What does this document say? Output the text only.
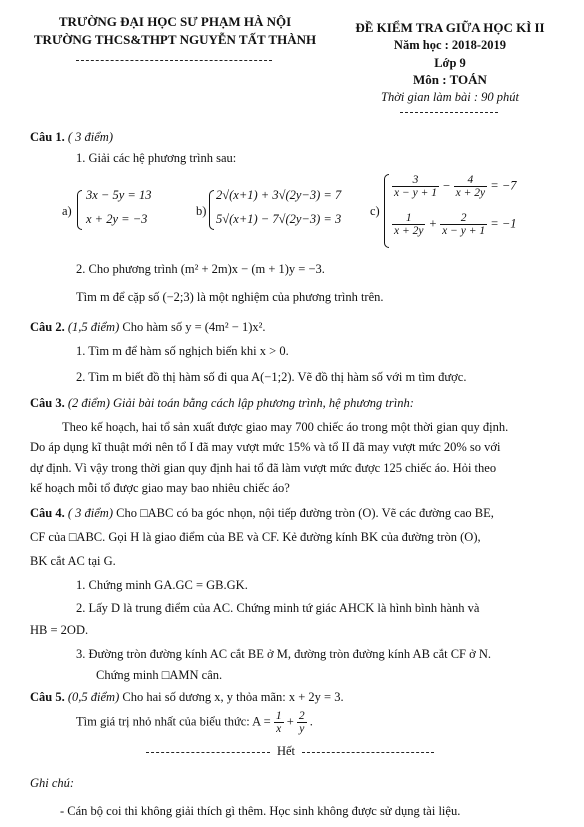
TRƯỜNG ĐẠI HỌC SƯ PHẠM HÀ NỘI
TRƯỜNG THCS&THPT NGUYỄN TẤT THÀNH
ĐỀ KIỂM TRA GIỮA HỌC KÌ II
Năm học : 2018-2019
Lớp 9
Môn : TOÁN
Thời gian làm bài : 90 phút
Câu 1. ( 3 điểm)
1. Giải các hệ phương trình sau:
a)
3x − 5y = 13
x + 2y = −3
b)
2√(x+1) + 3√(2y−3) = 7
5√(x+1) − 7√(2y−3) = 3
c)
$\frac{3}{x - y + 1} - \frac{4}{x + 2y} = -7$
$\frac{1}{x + 2y} + \frac{2}{x - y + 1} = -1$
2. Cho phương trình (m² + 2m)x − (m + 1)y = −3.
Tìm m để cặp số (−2;3) là một nghiệm của phương trình trên.
Câu 2. (1,5 điểm) Cho hàm số y = (4m² − 1)x².
1. Tìm m để hàm số nghịch biến khi x > 0.
2. Tìm m biết đồ thị hàm số đi qua A(−1;2). Vẽ đồ thị hàm số với m tìm được.
Câu 3. (2 điểm) Giải bài toán bằng cách lập phương trình, hệ phương trình:
Theo kế hoạch, hai tổ sản xuất được giao may 700 chiếc áo trong một thời gian quy định.
Do áp dụng kĩ thuật mới nên tổ I đã may vượt mức 15% và tổ II đã may vượt mức 20% so với
dự định. Vì vậy trong thời gian quy định hai tổ đã làm vượt mức được 125 chiếc áo. Hỏi theo
kế hoạch mỗi tổ được giao may bao nhiêu chiếc áo?
Câu 4. ( 3 điểm) Cho □ABC có ba góc nhọn, nội tiếp đường tròn (O). Vẽ các đường cao BE,
CF của □ABC. Gọi H là giao điểm của BE và CF. Kẻ đường kính BK của đường tròn (O),
BK cắt AC tại G.
1. Chứng minh GA.GC = GB.GK.
2. Lấy D là trung điểm của AC. Chứng minh tứ giác AHCK là hình bình hành và
HB = 2OD.
3. Đường tròn đường kính AC cắt BE ở M, đường tròn đường kính AB cắt CF ở N.
Chứng minh □AMN cân.
Câu 5. (0,5 điểm) Cho hai số dương x, y thỏa mãn: x + 2y = 3.
Tìm giá trị nhỏ nhất của biểu thức: $A = \frac{1}{x} + \frac{2}{y}$ .
Hết
Ghi chú:
- Cán bộ coi thi không giải thích gì thêm. Học sinh không được sử dụng tài liệu.
